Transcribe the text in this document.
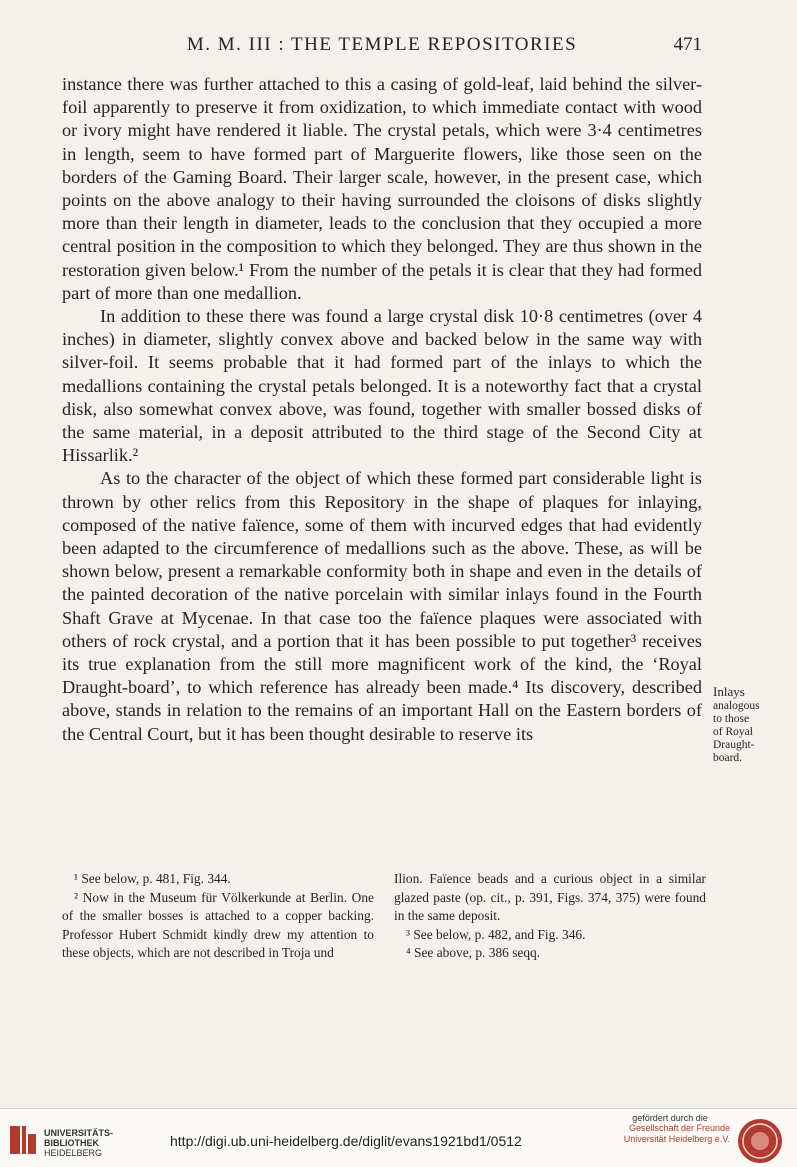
M. M. III : THE TEMPLE REPOSITORIES	471

instance there was further attached to this a casing of gold-leaf, laid behind the silver-foil apparently to preserve it from oxidization, to which immediate contact with wood or ivory might have rendered it liable. The crystal petals, which were 3·4 centimetres in length, seem to have formed part of Marguerite flowers, like those seen on the borders of the Gaming Board. Their larger scale, however, in the present case, which points on the above analogy to their having surrounded the cloisons of disks slightly more than their length in diameter, leads to the conclusion that they occupied a more central position in the composition to which they belonged. They are thus shown in the restoration given below.¹ From the number of the petals it is clear that they had formed part of more than one medallion.

In addition to these there was found a large crystal disk 10·8 centimetres (over 4 inches) in diameter, slightly convex above and backed below in the same way with silver-foil. It seems probable that it had formed part of the inlays to which the medallions containing the crystal petals belonged. It is a noteworthy fact that a crystal disk, also somewhat convex above, was found, together with smaller bossed disks of the same material, in a deposit attributed to the third stage of the Second City at Hissarlik.²

As to the character of the object of which these formed part considerable light is thrown by other relics from this Repository in the shape of plaques for inlaying, composed of the native faïence, some of them with incurved edges that had evidently been adapted to the circumference of medallions such as the above. These, as will be shown below, present a remarkable conformity both in shape and even in the details of the painted decoration of the native porcelain with similar inlays found in the Fourth Shaft Grave at Mycenae. In that case too the faïence plaques were associated with others of rock crystal, and a portion that it has been possible to put together³ receives its true explanation from the still more magnificent work of the kind, the ‘Royal Draught-board’, to which reference has already been made.⁴ Its discovery, described above, stands in relation to the remains of an important Hall on the Eastern borders of the Central Court, but it has been thought desirable to reserve its

Inlays
analogous
to those
of Royal
Draught-
board.

¹ See below, p. 481, Fig. 344.

² Now in the Museum für Völkerkunde at Berlin. One of the smaller bosses is attached to a copper backing. Professor Hubert Schmidt kindly drew my attention to these objects, which are not described in Troja und

Ilion. Faïence beads and a curious object in a similar glazed paste (op. cit., p. 391, Figs. 374, 375) were found in the same deposit.

³ See below, p. 482, and Fig. 346.

⁴ See above, p. 386 seqq.

UNIVERSITÄTS-
BIBLIOTHEK
HEIDELBERG
http://digi.ub.uni-heidelberg.de/diglit/evans1921bd1/0512
gefördert durch die
Gesellschaft der Freunde
Universität Heidelberg e.V.
